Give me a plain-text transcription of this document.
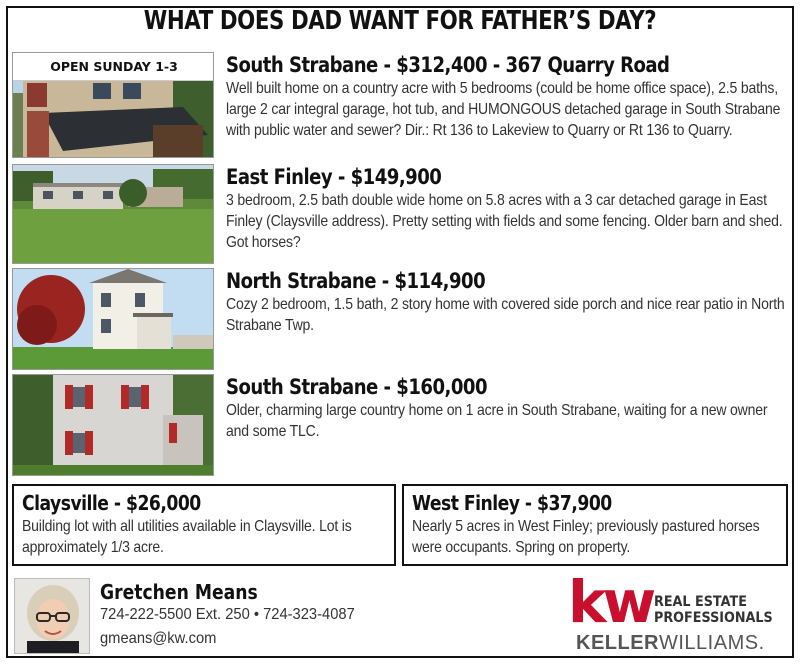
WHAT DOES DAD WANT FOR FATHER’S DAY?
OPEN SUNDAY 1-3	South Strabane - $312,400 - 367 Quarry Road
Well built home on a country acre with 5 bedrooms (could be home office space), 2.5 baths, large 2 car integral garage, hot tub, and HUMONGOUS detached garage in South Strabane with public water and sewer? Dir.: Rt 136 to Lakeview to Quarry or Rt 136 to Quarry.
East Finley - $149,900
3 bedroom, 2.5 bath double wide home on 5.8 acres with a 3 car detached garage in East Finley (Claysville address). Pretty setting with fields and some fencing. Older barn and shed. Got horses?
North Strabane - $114,900
Cozy 2 bedroom, 1.5 bath, 2 story home with covered side porch and nice rear patio in North Strabane Twp.
South Strabane - $160,000
Older, charming large country home on 1 acre in South Strabane, waiting for a new owner and some TLC.
Claysville - $26,000
Building lot with all utilities available in Claysville. Lot is approximately 1/3 acre.
West Finley - $37,900
Nearly 5 acres in West Finley; previously pastured horses were occupants. Spring on property.
Gretchen Means
724-222-5500 Ext. 250 • 724-323-4087
gmeans@kw.com
kw REAL ESTATE
PROFESSIONALS
KELLERWILLIAMS.
